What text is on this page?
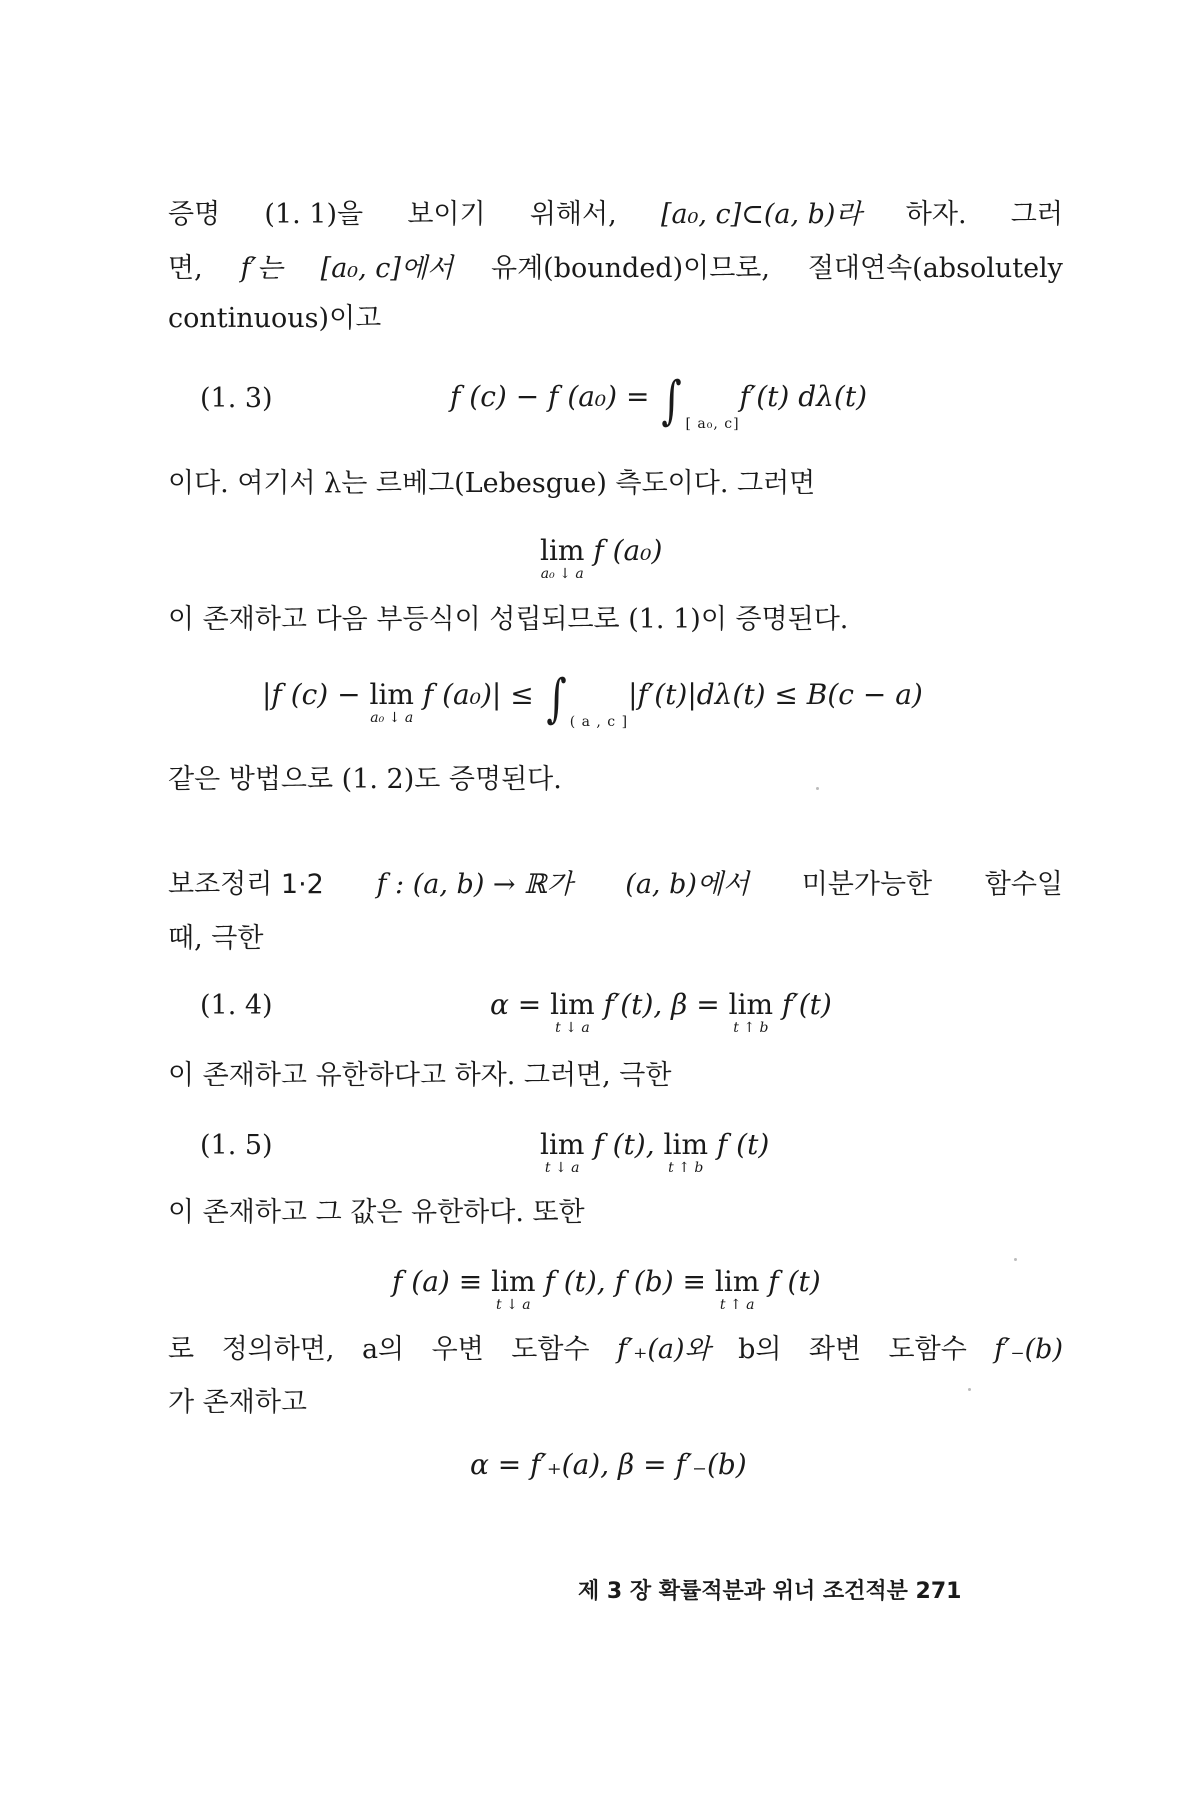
증명 (1. 1)을 보이기 위해서, [a₀, c]⊂(a, b)라 하자. 그러
면, f′는 [a₀, c]에서 유계(bounded)이므로, 절대연속(absolutely
continuous)이고
(1. 3)	f (c) − f (a₀) = ∫ $_{[ a_0, c]}$f′(t) dλ(t)
이다. 여기서 λ는 르베그(Lebesgue) 측도이다. 그러면
lim
a₀ ↓ a
f (a₀)
이 존재하고 다음 부등식이 성립되므로 (1. 1)이 증명된다.
|f (c) − lim
a₀ ↓ a
f (a₀)| ≤ ∫ $_{( a , c ]}$|f′(t)|dλ(t) ≤ B(c − a)
같은 방법으로 (1. 2)도 증명된다.
보조정리 1·2 f : (a, b) → ℝ가 (a, b)에서 미분가능한 함수일
때, 극한
(1. 4)	α = lim
t ↓ a
f′(t), β = lim
t ↑ b
f′(t)
이 존재하고 유한하다고 하자. 그러면, 극한
(1. 5)	lim
t ↓ a
f (t), lim
t ↑ b
f (t)
이 존재하고 그 값은 유한하다. 또한
f (a) ≡ lim
t ↓ a
f (t), f (b) ≡ lim
t ↑ a
f (t)
로 정의하면, a의 우변 도함수 f′₊(a)와 b의 좌변 도함수 f′₋(b)
가 존재하고
α = f′₊(a), β = f′₋(b)
제 3 장 확률적분과 위너 조건적분 271
